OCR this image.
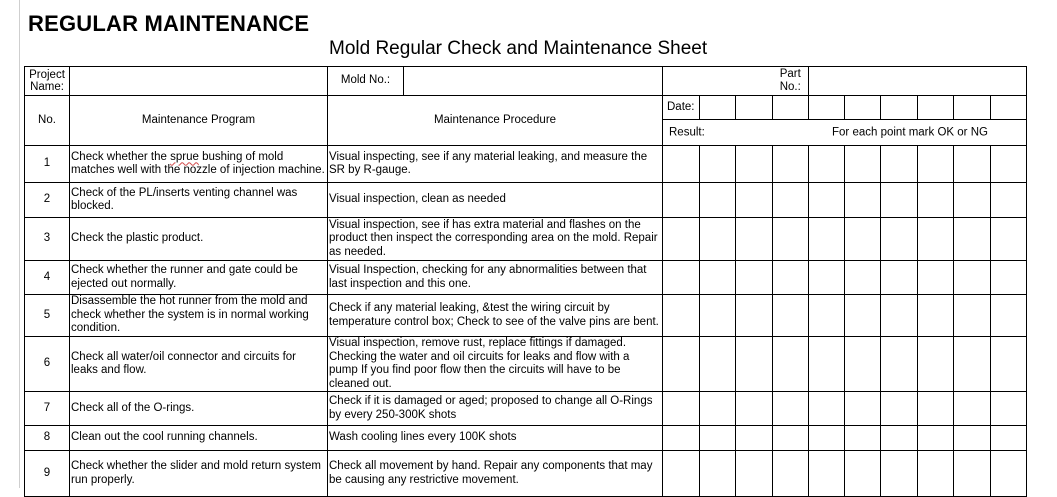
REGULAR MAINTENANCE
Mold Regular Check and Maintenance Sheet
Project Name:		Mold No.:					Part No.:						
No.	Maintenance Program	Maintenance Procedure		Date:									

				Result: For each point mark OK or NG									

1	Check whether the sprue bushing of mold matches well with the nozzle of injection machine.	Visual inspecting, see if any material leaking, and measure the SR by R-gauge.											
2	Check of the PL/inserts venting channel was blocked.	Visual inspection, clean as needed											
3	Check the plastic product.	Visual inspection, see if has extra material and flashes on the product then inspect the corresponding area on the mold. Repair as needed.											
4	Check whether the runner and gate could be ejected out normally.	Visual Inspection, checking for any abnormalities between that last inspection and this one.											
5	Disassemble the hot runner from the mold and check whether the system is in normal working condition.	Check if any material leaking, &test the wiring circuit by temperature control box; Check to see of the valve pins are bent.											
6	Check all water/oil connector and circuits for leaks and flow.	Visual inspection, remove rust, replace fittings if damaged. Checking the water and oil circuits for leaks and flow with a pump If you find poor flow then the circuits will have to be cleaned out.											
7	Check all of the O-rings.	Check if it is damaged or aged; proposed to change all O-Rings by every 250-300K shots											
8	Clean out the cool running channels.	Wash cooling lines every 100K shots											
9	Check whether the slider and mold return system run properly.	Check all movement by hand. Repair any components that may be causing any restrictive movement.											
